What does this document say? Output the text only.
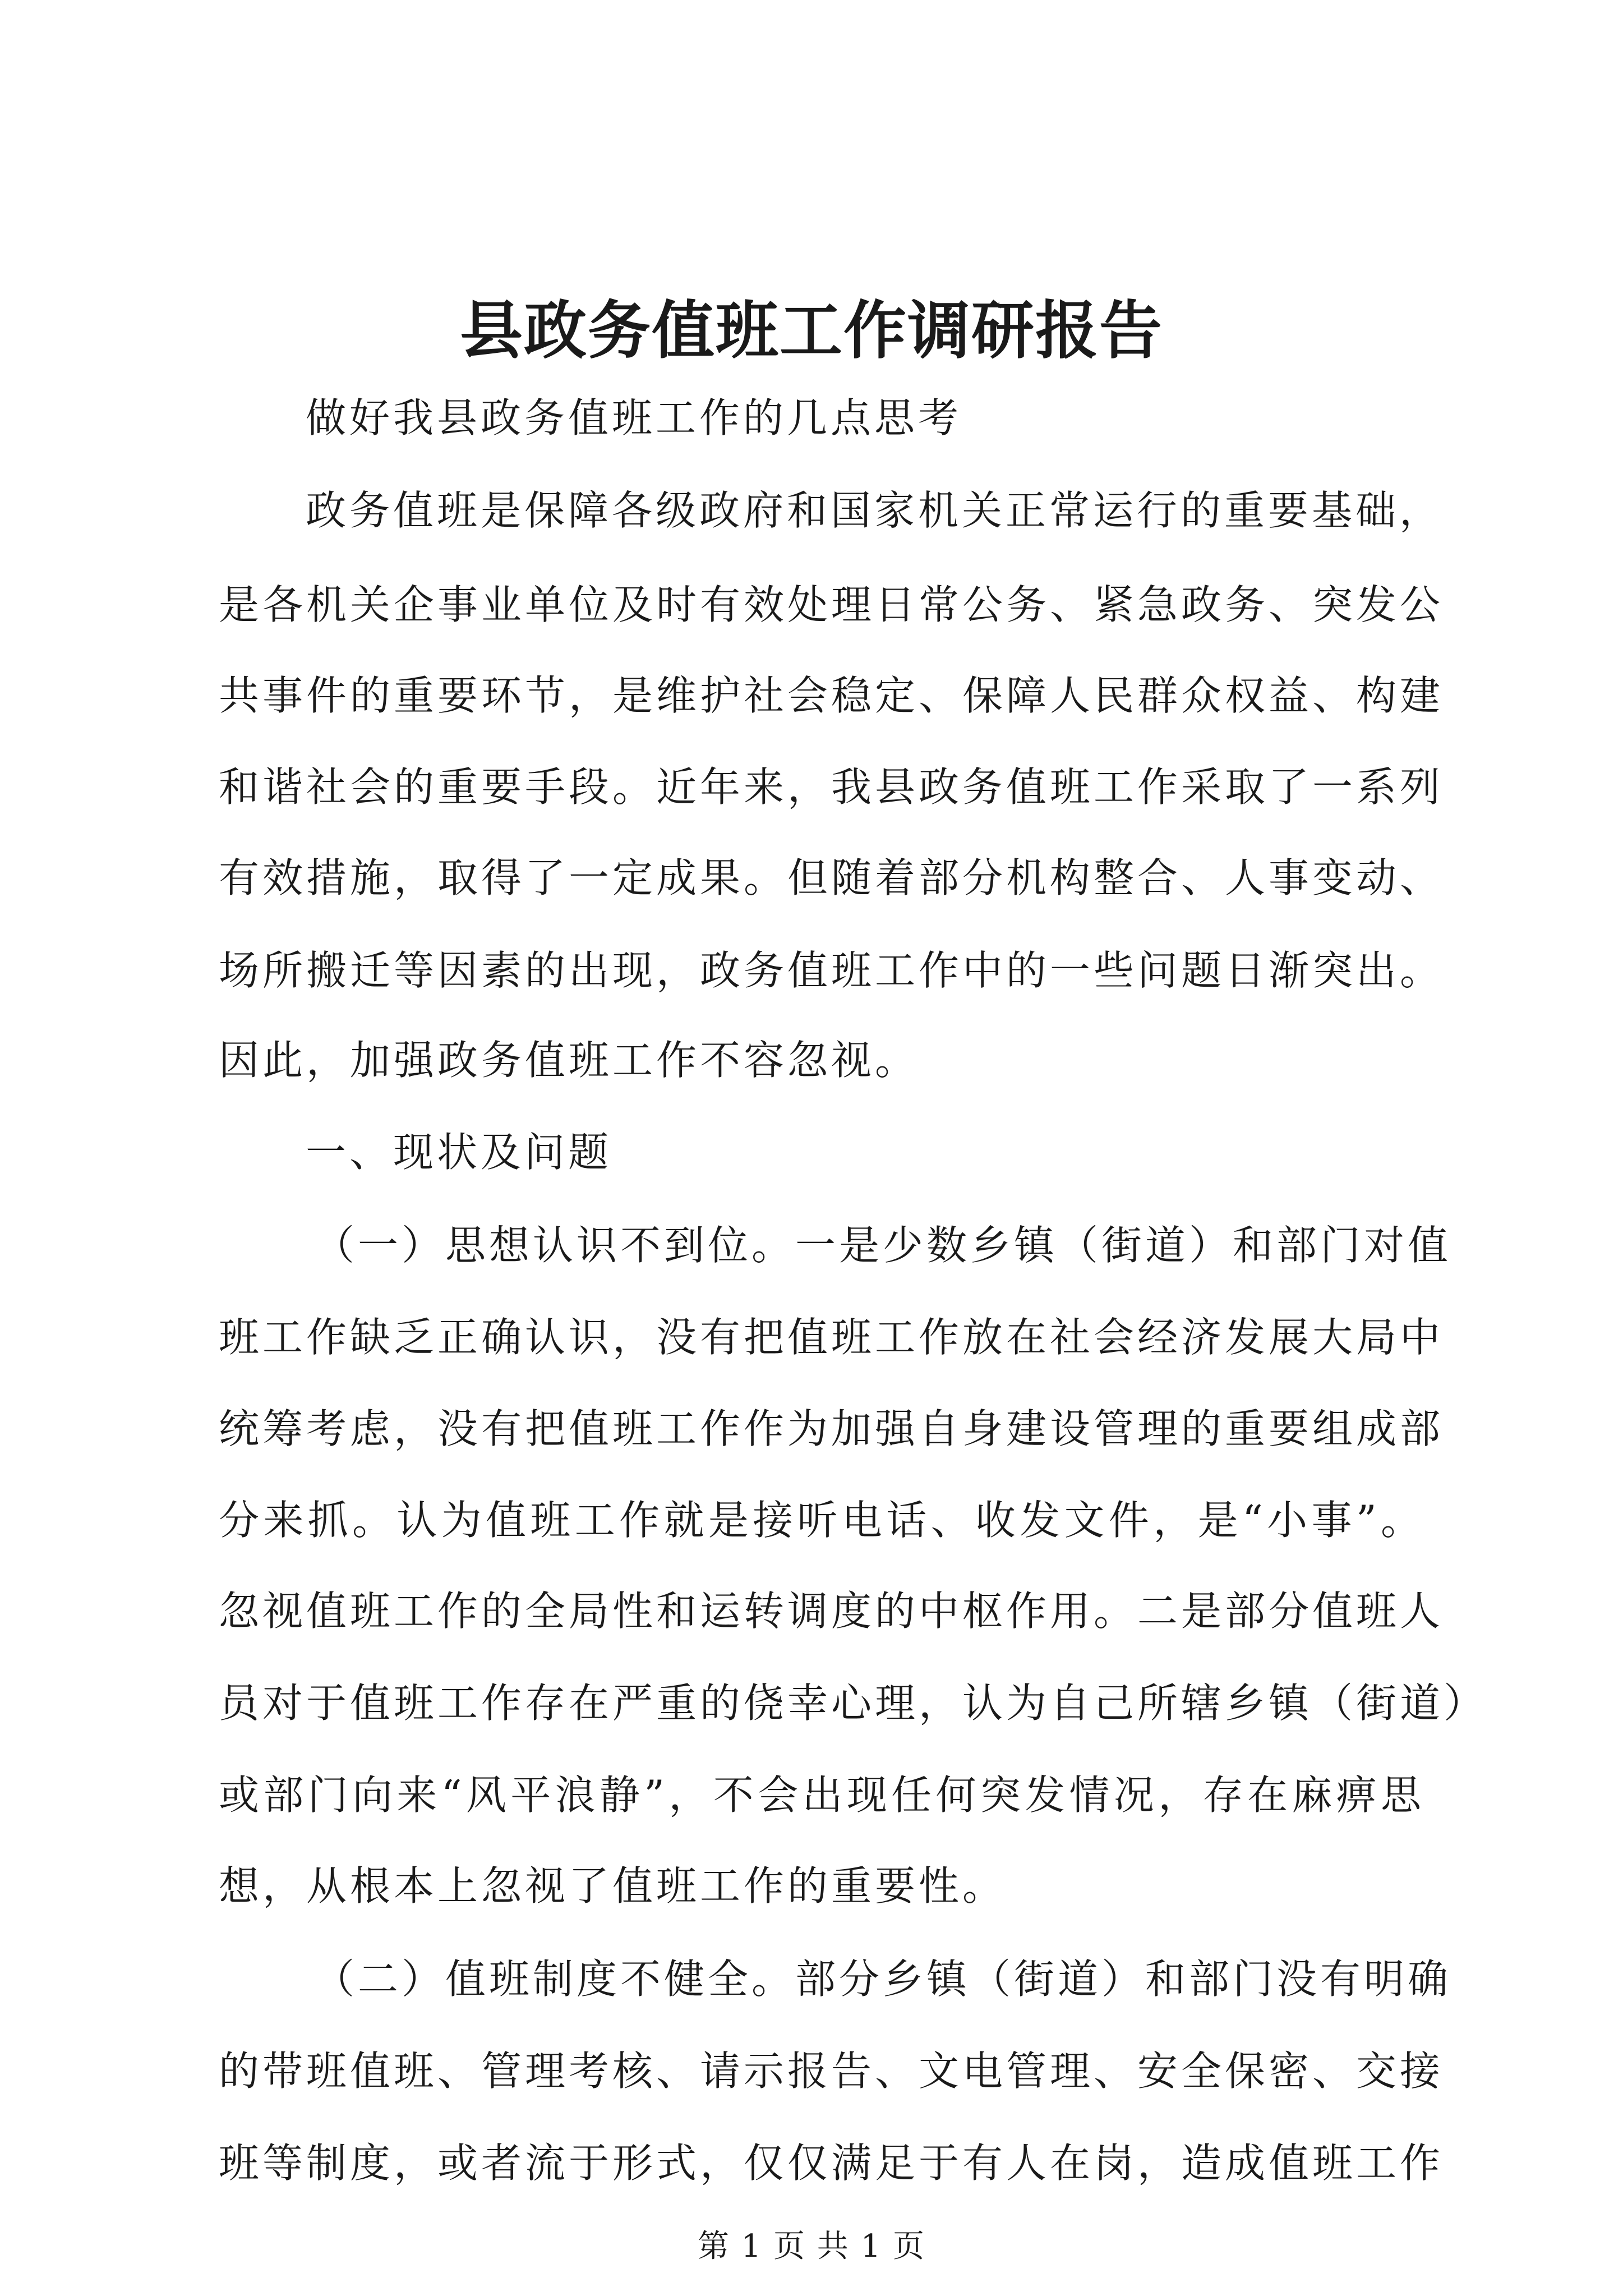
县政务值班工作调研报告

做好我县政务值班工作的几点思考

政务值班是保障各级政府和国家机关正常运行的重要基础，

是各机关企事业单位及时有效处理日常公务、紧急政务、突发公

共事件的重要环节，是维护社会稳定、保障人民群众权益、构建

和谐社会的重要手段。近年来，我县政务值班工作采取了一系列

有效措施，取得了一定成果。但随着部分机构整合、人事变动、

场所搬迁等因素的出现，政务值班工作中的一些问题日渐突出。

因此，加强政务值班工作不容忽视。

一、现状及问题

（一）思想认识不到位。一是少数乡镇（街道）和部门对值

班工作缺乏正确认识，没有把值班工作放在社会经济发展大局中

统筹考虑，没有把值班工作作为加强自身建设管理的重要组成部

分来抓。认为值班工作就是接听电话、收发文件，是“小事”。

忽视值班工作的全局性和运转调度的中枢作用。二是部分值班人

员对于值班工作存在严重的侥幸心理，认为自己所辖乡镇（街道）

或部门向来“风平浪静”，不会出现任何突发情况，存在麻痹思

想，从根本上忽视了值班工作的重要性。

（二）值班制度不健全。部分乡镇（街道）和部门没有明确

的带班值班、管理考核、请示报告、文电管理、安全保密、交接

班等制度，或者流于形式，仅仅满足于有人在岗，造成值班工作

第 1 页 共 1 页
